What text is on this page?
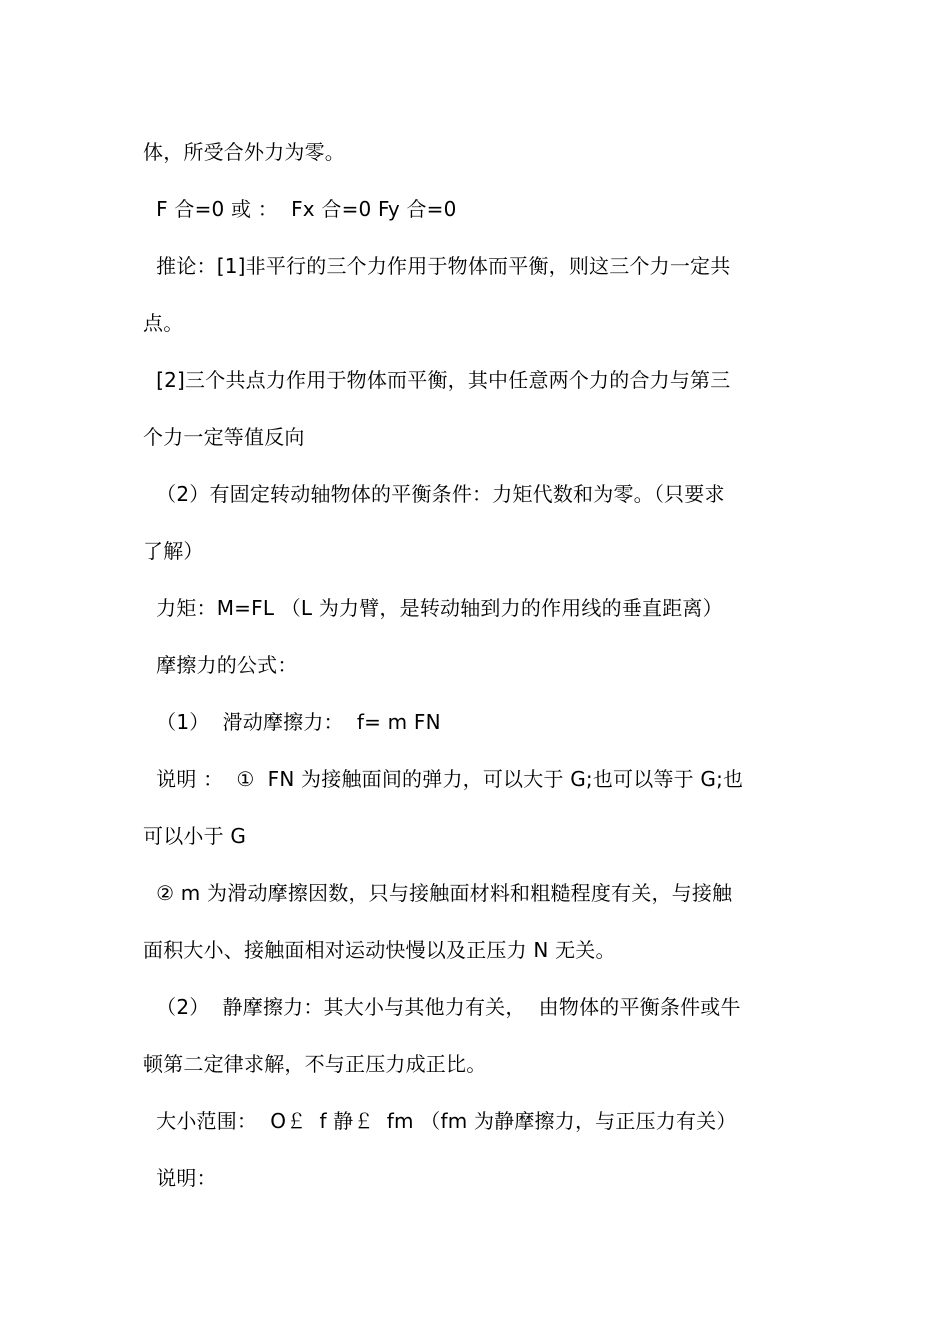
体，所受合外力为零。
F 合=0 或 ：  Fx 合=0 Fy 合=0
推论：[1]非平行的三个力作用于物体而平衡，则这三个力一定共
点。
[2]三个共点力作用于物体而平衡，其中任意两个力的合力与第三
个力一定等值反向
（2）有固定转动轴物体的平衡条件：力矩代数和为零。（只要求
了解）
力矩：M=FL （L 为力臂，是转动轴到力的作用线的垂直距离）
摩擦力的公式：
（1）  滑动摩擦力：  f= m FN
说明 ：  ①  FN 为接触面间的弹力，可以大于 G;也可以等于 G;也
可以小于 G
② m 为滑动摩擦因数，只与接触面材料和粗糙程度有关，与接触
面积大小、接触面相对运动快慢以及正压力 N 无关。
（2）  静摩擦力：其大小与其他力有关，  由物体的平衡条件或牛
顿第二定律求解，不与正压力成正比。
大小范围：  O￡  f 静￡  fm （fm 为静摩擦力，与正压力有关）
说明：
